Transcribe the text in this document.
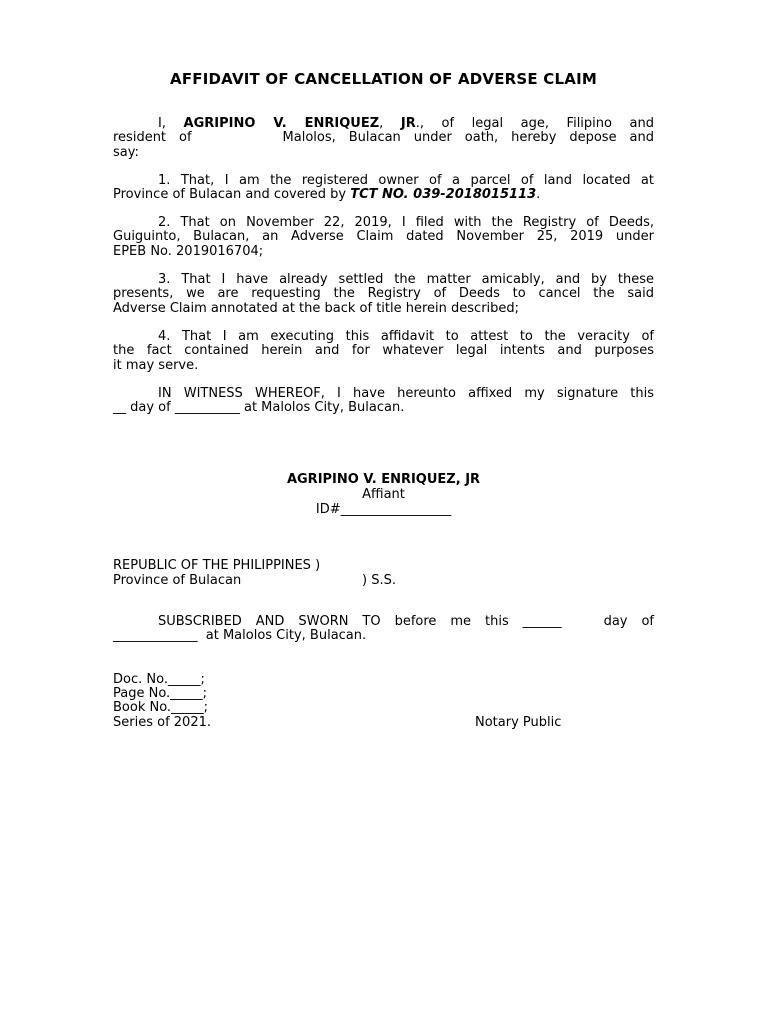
AFFIDAVIT OF CANCELLATION OF ADVERSE CLAIM
I, AGRIPINO V. ENRIQUEZ, JR., of legal age, Filipino and
resident of	Malolos, Bulacan under oath, hereby depose and
say:
1. That, I am the registered owner of a parcel of land located at
Province of Bulacan and covered by TCT NO. 039-2018015113.
2. That on November 22, 2019, I filed with the Registry of Deeds,
Guiguinto, Bulacan, an Adverse Claim dated November 25, 2019 under
EPEB No. 2019016704;
3. That I have already settled the matter amicably, and by these
presents, we are requesting the Registry of Deeds to cancel the said
Adverse Claim annotated at the back of title herein described;
4. That I am executing this affidavit to attest to the veracity of
the fact contained herein and for whatever legal intents and purposes
it may serve.
IN WITNESS WHEREOF, I have hereunto affixed my signature this
__ day of __________ at Malolos City, Bulacan.
AGRIPINO V. ENRIQUEZ, JR
Affiant
ID#_________________
REPUBLIC OF THE PHILIPPINES )
Province of Bulacan	) S.S.
SUBSCRIBED AND SWORN TO before me this ______   day of
_____________  at Malolos City, Bulacan.
Doc. No._____;
Page No._____;
Book No._____;
Series of 2021.	Notary Public
